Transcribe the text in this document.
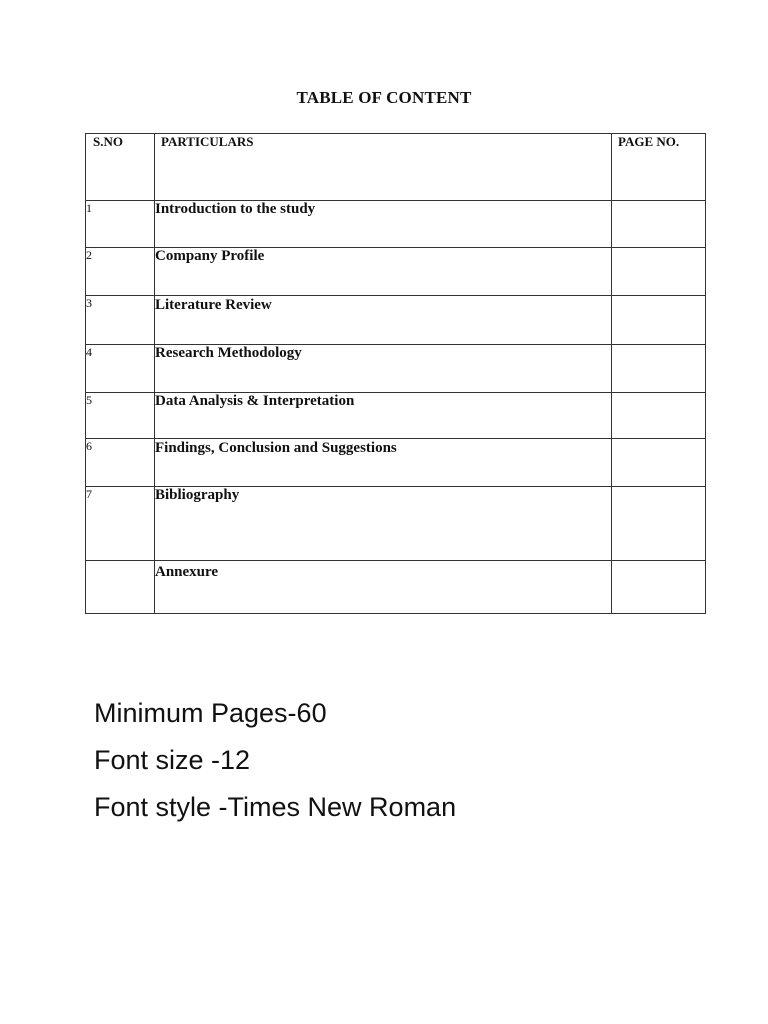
TABLE OF CONTENT
S.NO	PARTICULARS	PAGE NO.
1	Introduction to the study	
2	Company Profile	
3	Literature Review	
4	Research Methodology	
5	Data Analysis & Interpretation	
6	Findings, Conclusion and Suggestions	
7	Bibliography	
	Annexure	
Minimum Pages-60
Font size -12
Font style -Times New Roman
